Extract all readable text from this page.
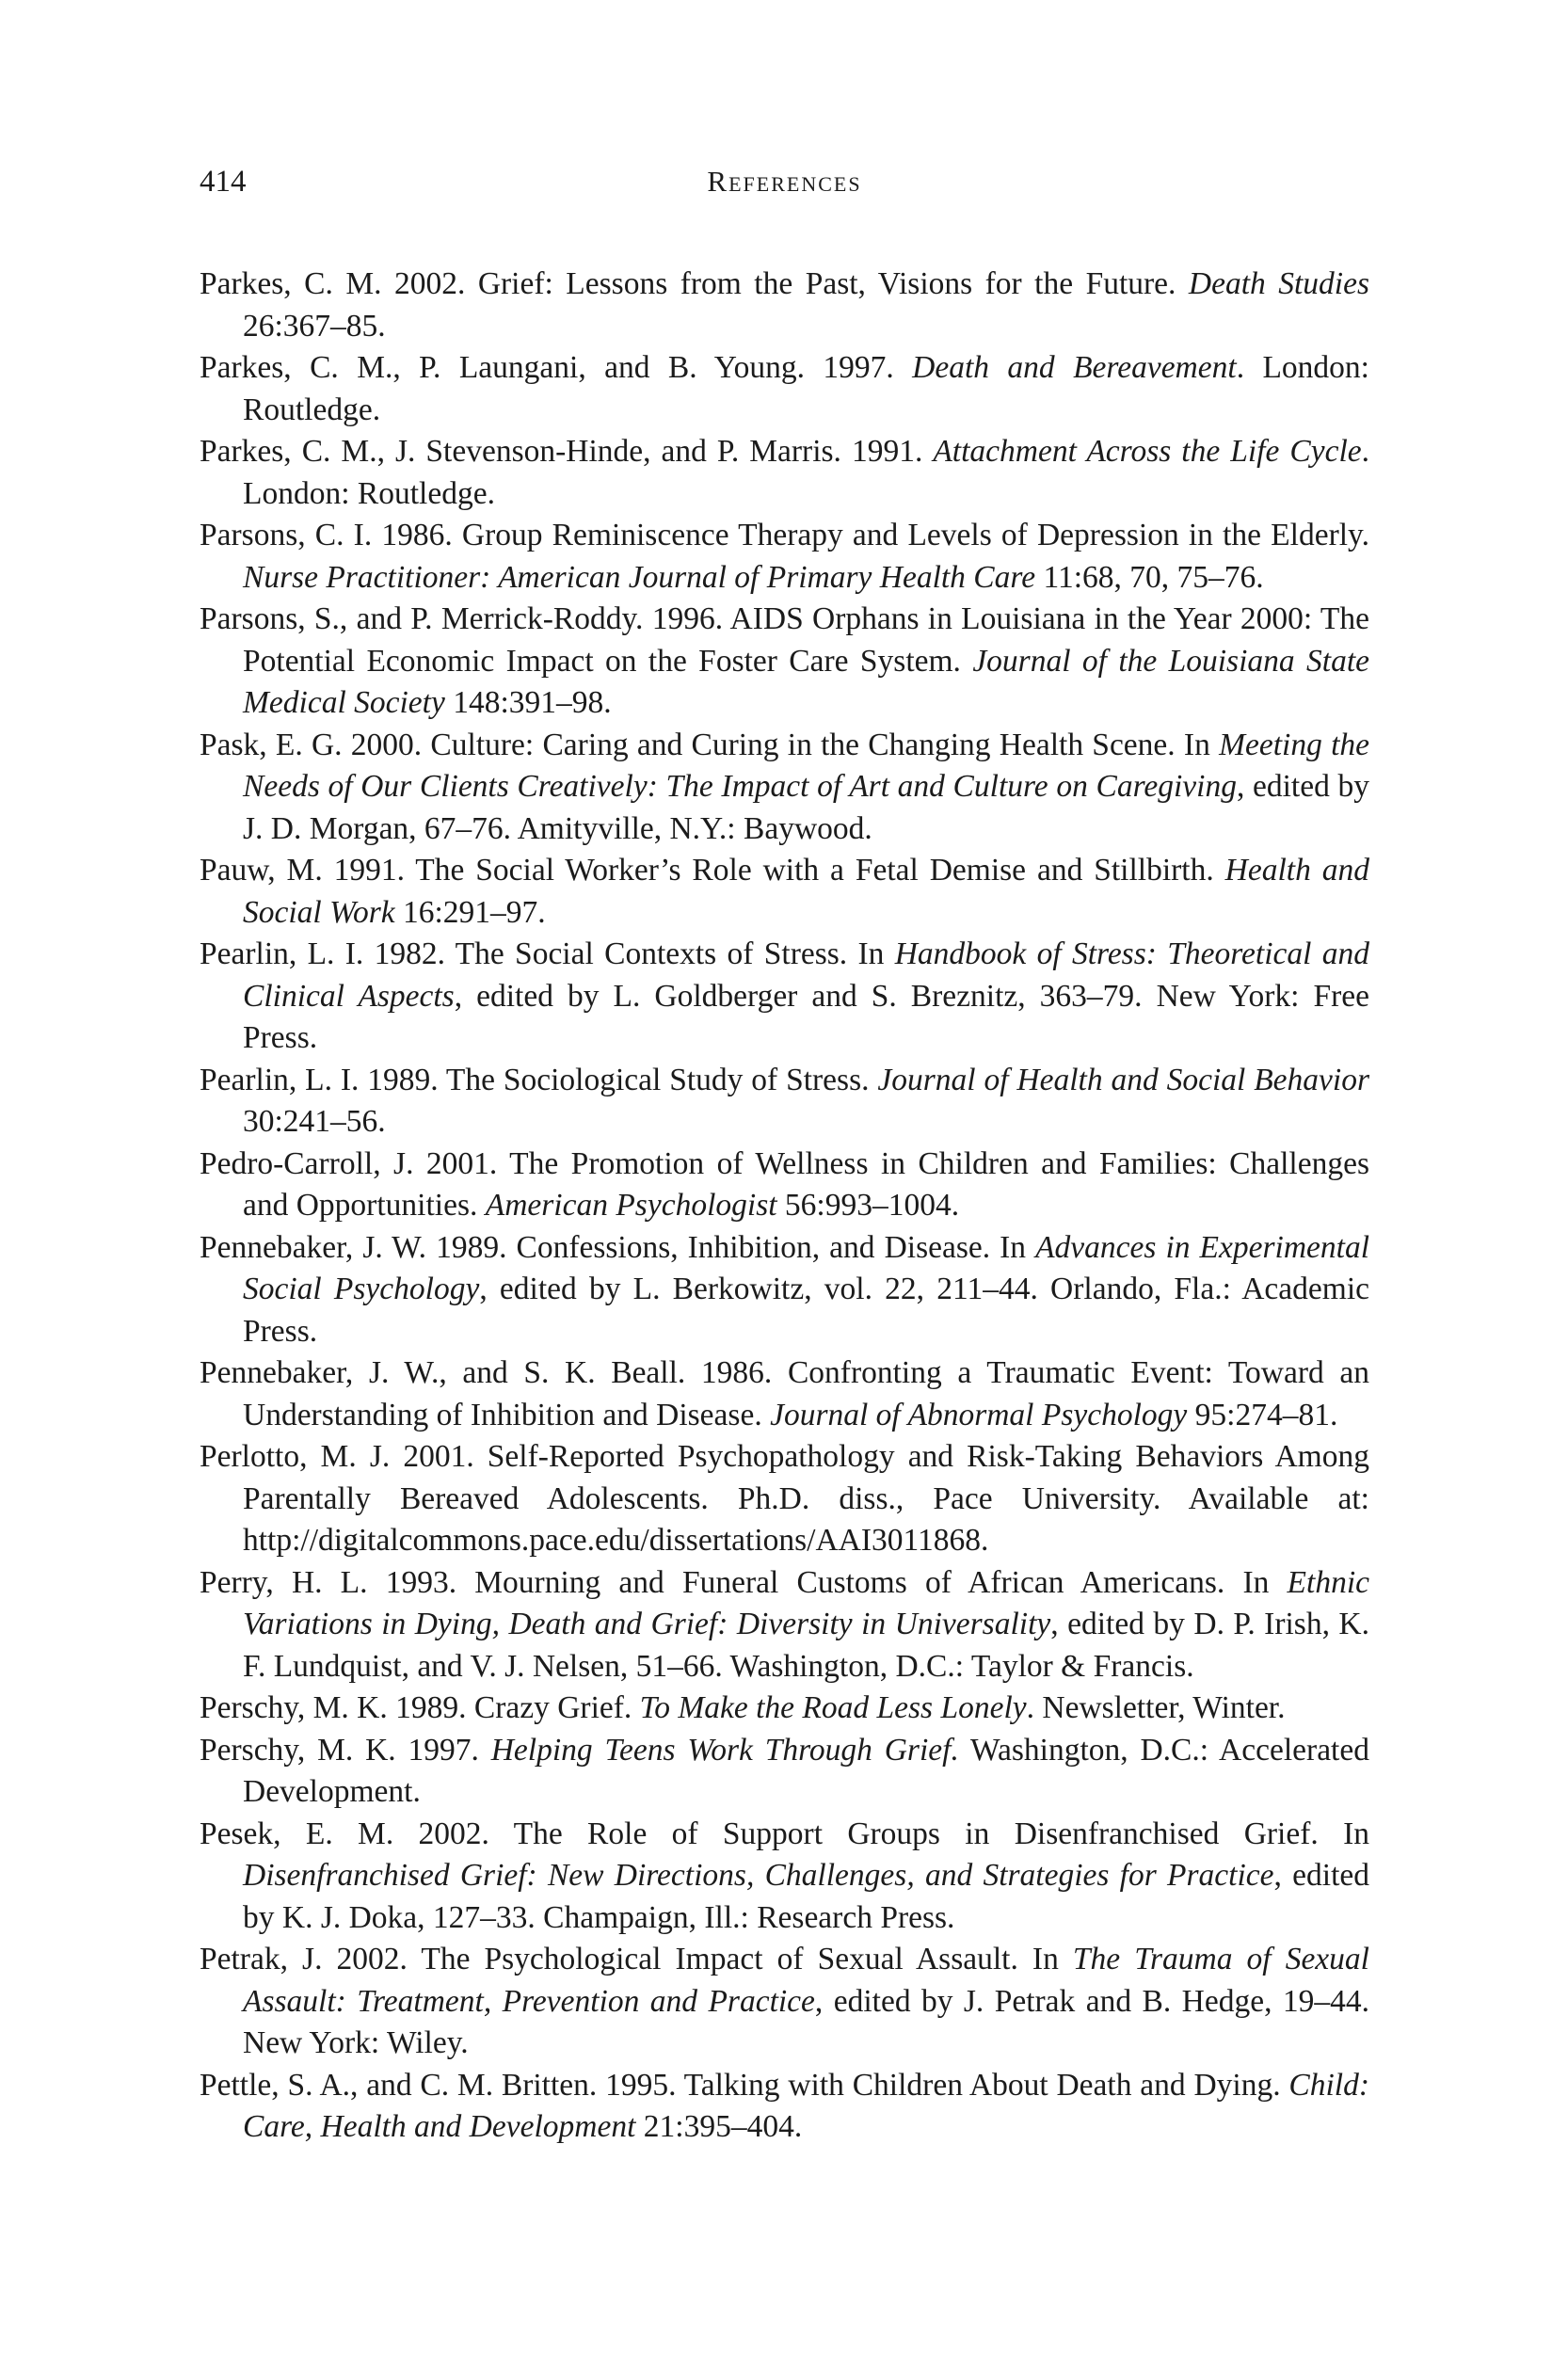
414	References

Parkes, C. M. 2002. Grief: Lessons from the Past, Visions for the Future. Death Studies 26:367–85.

Parkes, C. M., P. Laungani, and B. Young. 1997. Death and Bereavement. London: Routledge.

Parkes, C. M., J. Stevenson-Hinde, and P. Marris. 1991. Attachment Across the Life Cycle. London: Routledge.

Parsons, C. I. 1986. Group Reminiscence Therapy and Levels of Depression in the Elderly. Nurse Practitioner: American Journal of Primary Health Care 11:68, 70, 75–76.

Parsons, S., and P. Merrick-Roddy. 1996. AIDS Orphans in Louisiana in the Year 2000: The Potential Economic Impact on the Foster Care System. Journal of the Louisiana State Medical Society 148:391–98.

Pask, E. G. 2000. Culture: Caring and Curing in the Changing Health Scene. In Meeting the Needs of Our Clients Creatively: The Impact of Art and Culture on Caregiving, edited by J. D. Morgan, 67–76. Amityville, N.Y.: Baywood.

Pauw, M. 1991. The Social Worker’s Role with a Fetal Demise and Stillbirth. Health and Social Work 16:291–97.

Pearlin, L. I. 1982. The Social Contexts of Stress. In Handbook of Stress: Theoretical and Clinical Aspects, edited by L. Goldberger and S. Breznitz, 363–79. New York: Free Press.

Pearlin, L. I. 1989. The Sociological Study of Stress. Journal of Health and Social Behavior 30:241–56.

Pedro-Carroll, J. 2001. The Promotion of Wellness in Children and Families: Challenges and Opportunities. American Psychologist 56:993–1004.

Pennebaker, J. W. 1989. Confessions, Inhibition, and Disease. In Advances in Experimental Social Psychology, edited by L. Berkowitz, vol. 22, 211–44. Orlando, Fla.: Academic Press.

Pennebaker, J. W., and S. K. Beall. 1986. Confronting a Traumatic Event: Toward an Understanding of Inhibition and Disease. Journal of Abnormal Psychology 95:274–81.

Perlotto, M. J. 2001. Self-Reported Psychopathology and Risk-Taking Behaviors Among Parentally Bereaved Adolescents. Ph.D. diss., Pace University. Available at: http://digitalcommons.pace.edu/dissertations/AAI3011868.

Perry, H. L. 1993. Mourning and Funeral Customs of African Americans. In Ethnic Variations in Dying, Death and Grief: Diversity in Universality, edited by D. P. Irish, K. F. Lundquist, and V. J. Nelsen, 51–66. Washington, D.C.: Taylor & Francis.

Perschy, M. K. 1989. Crazy Grief. To Make the Road Less Lonely. Newsletter, Winter.

Perschy, M. K. 1997. Helping Teens Work Through Grief. Washington, D.C.: Accelerated Development.

Pesek, E. M. 2002. The Role of Support Groups in Disenfranchised Grief. In Disenfranchised Grief: New Directions, Challenges, and Strategies for Practice, edited by K. J. Doka, 127–33. Champaign, Ill.: Research Press.

Petrak, J. 2002. The Psychological Impact of Sexual Assault. In The Trauma of Sexual Assault: Treatment, Prevention and Practice, edited by J. Petrak and B. Hedge, 19–44. New York: Wiley.

Pettle, S. A., and C. M. Britten. 1995. Talking with Children About Death and Dying. Child: Care, Health and Development 21:395–404.
